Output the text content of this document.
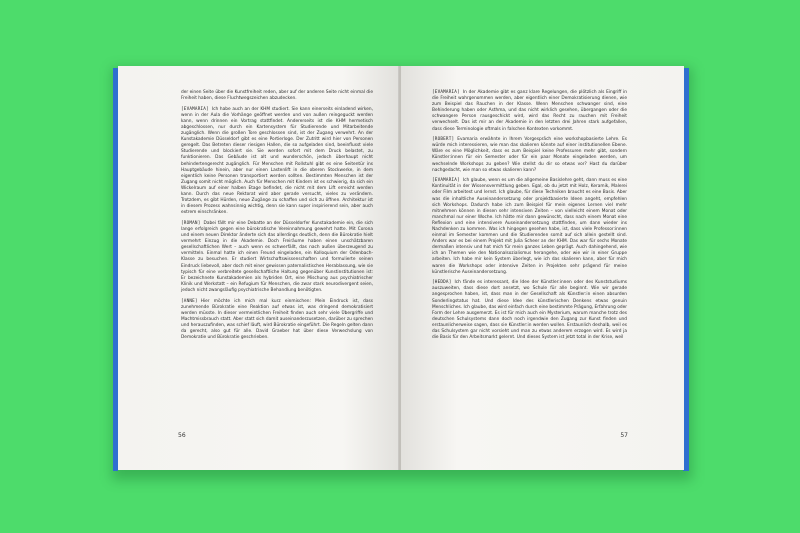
der einen Seite über die Kunstfreiheit reden, aber auf der anderen Seite nicht einmal die Freiheit haben, diese Fluchtwegszeichen abzudecken.

[EVAMARIA] Ich habe auch an der KHM studiert. Sie kann einerseits einladend wirken, wenn in der Aula die Vorhänge geöffnet werden und von außen reingeguckt werden kann, wenn drinnen ein Vortrag stattfindet. Andererseits ist die KHM hermetisch abgeschlossen, nur durch ein Kartensystem für Studierende und Mitarbeitende zugänglich. Wenn die großen Tore geschlossen sind, ist der Zugang verwehrt. An der Kunstakademie Düsseldorf gibt es eine Portierloge. Der Zutritt wird hier von Personen geregelt. Das Betreten dieser riesigen Hallen, die so aufgeladen sind, beeinflusst viele Studierende und blockiert sie. Sie werden sofort mit dem Druck belastet, zu funktionieren. Das Gebäude ist alt und wunderschön, jedoch überhaupt nicht behindertengerecht zugänglich. Für Menschen mit Rollstuhl gibt es eine Seitentür ins Hauptgebäude hinein, aber nur einen Lastenlift in die oberen Stockwerke, in dem eigentlich keine Personen transportiert werden sollten. Bestimmten Menschen ist der Zugang somit nicht möglich. Auch für Menschen mit Kindern ist es schwierig, da sich ein Wickelraum auf einer halben Etage befindet, die nicht mit dem Lift erreicht werden kann. Durch das neue Rektorat wird aber gerade versucht, vieles zu verändern. Trotzdem, es gibt Hürden, neue Zugänge zu schaffen und sich zu öffnen. Architektur ist in diesem Prozess wahnsinnig wichtig, denn sie kann super inspirierend sein, aber auch extrem einschränken.

[ROMAN] Dabei fällt mir eine Debatte an der Düsseldorfer Kunstakademie ein, die sich lange erfolgreich gegen eine bürokratische Vereinnahmung gewehrt hatte. Mit Corona und einem neuen Direktor änderte sich das allerdings deutlich, denn die Bürokratie hielt vermehrt Einzug in die Akademie. Doch Freiräume haben einen unschätzbaren gesellschaftlichen Wert – auch wenn es schwerfällt, das nach außen überzeugend zu vermitteln. Einmal hatte ich einen Freund eingeladen, ein Kolloquium der Odenbach-Klasse zu besuchen. Er studiert Wirtschaftswissenschaften und formulierte seinen Eindruck liebevoll, aber doch mit einer gewissen paternalistischen Herablassung, wie sie typisch für eine verbreitete gesellschaftliche Haltung gegenüber Kunstinstitutionen ist: Er bezeichnete Kunstakademien als hybriden Ort, eine Mischung aus psychiatrischer Klinik und Werkstatt – ein Refugium für Menschen, die zwar stark neurodivergent seien, jedoch nicht zwangsläufig psychiatrische Behandlung benötigten.

[ANNE] Hier möchte ich mich mal kurz einmischen: Mein Eindruck ist, dass zunehmende Bürokratie eine Reaktion auf etwas ist, was dringend demokratisiert werden müsste. In dieser vermeintlichen Freiheit finden auch sehr viele Übergriffe und Machtmissbrauch statt. Aber statt sich damit auseinanderzusetzen, darüber zu sprechen und herauszufinden, was schief läuft, wird Bürokratie eingeführt. Die Regeln gelten dann da gerecht, also gut für alle. David Graeber hat über diese Verwechslung von Demokratie und Bürokratie geschrieben.

56

[EVAMARIA] In der Akademie gibt es ganz klare Regelungen, die plötzlich als Eingriff in die Freiheit wahrgenommen werden, aber eigentlich einer Demokratisierung dienen, wie zum Beispiel das Rauchen in der Klasse. Wenn Menschen schwanger sind, eine Behinderung haben oder Asthma, und das nicht wirklich gesehen, übergangen oder die schwangere Person rausgeschickt wird, wird das Recht zu rauchen mit Freiheit verwechselt. Das ist mir an der Akademie in den letzten drei Jahren stark aufgefallen, dass diese Terminologie oftmals in falschen Kontexten vorkommt.

[ROBERT] Evamaria erwähnte in Ihrem Vorgespräch eine workshopbasierte Lehre. Es würde mich interessieren, wie man das skalieren könnte auf einer institutionellen Ebene. Wäre es eine Möglichkeit, dass es zum Beispiel keine Professuren mehr gibt, sondern Künstler:innen für ein Semester oder für ein paar Monate eingeladen werden, um wechselnde Workshops zu geben? Wie stellst du dir so etwas vor? Hast du darüber nachgedacht, wie man so etwas skalieren kann?

[EVAMARIA] Ich glaube, wenn es um die allgemeine Basislehre geht, dann muss es eine Kontinuität in der Wissensvermittlung geben. Egal, ob du jetzt mit Holz, Keramik, Malerei oder Film arbeitest und lernst. Ich glaube, für diese Techniken braucht es eine Basis. Aber was die inhaltliche Auseinandersetzung oder projektbasierte Ideen angeht, empfehlen sich Workshops. Dadurch habe ich zum Beispiel für mein eigenes Lernen viel mehr mitnehmen können in diesen sehr intensiven Zeiten – von vielleicht einem Monat oder manchmal nur einer Woche. Ich hätte mir dann gewünscht, dass nach einem Monat eine Reflexion und eine intensivere Auseinandersetzung stattfinden, um dann wieder ins Nachdenken zu kommen. Was ich hingegen gesehen habe, ist, dass viele Professor:innen einmal im Semester kommen und die Studierenden somit auf sich allein gestellt sind. Anders war es bei einem Projekt mit Julia Scheer an der KHM. Das war für sechs Monate dermaßen intensiv und hat mich für mein ganzes Leben geprägt. Auch dahingehend, wie ich an Themen wie den Nationalsozialismus herangehe, oder wie wir in einer Gruppe arbeiten. Ich habe mir kein System überlegt, wie ich das skalieren kann, aber für mich waren die Workshops oder intensive Zeiten in Projekten sehr prägend für meine künstlerische Auseinandersetzung.

[HEDDA] Ich fände es interessant, die Idee der Künstler:innen oder des Kunststudiums auszuweiten, dass diese dort ansetzt, wo Schule für alle beginnt. Wie wir gerade angesprochen haben, ist, dass man in der Gesellschaft als Künstler:in einen absurden Sonderlingstatus hat. Und diese Idee des künstlerischen Denkens etwas genuin Menschliches. Ich glaube, das wird einfach durch eine bestimmte Prägung, Erfahrung oder Form der Lehre ausgemerzt. Es ist für mich auch ein Mysterium, warum manche trotz des deutschen Schulsystems dann doch noch irgendwie den Zugang zur Kunst finden und erstaunlicherweise sagen, dass sie Künstler:in werden wollen. Erstaunlich deshalb, weil es das Schulsystem gar nicht vorsieht und man zu etwas anderem erzogen wird. Es wird ja die Basis für den Arbeitsmarkt gelernt. Und dieses System ist jetzt total in der Krise, weil

57
